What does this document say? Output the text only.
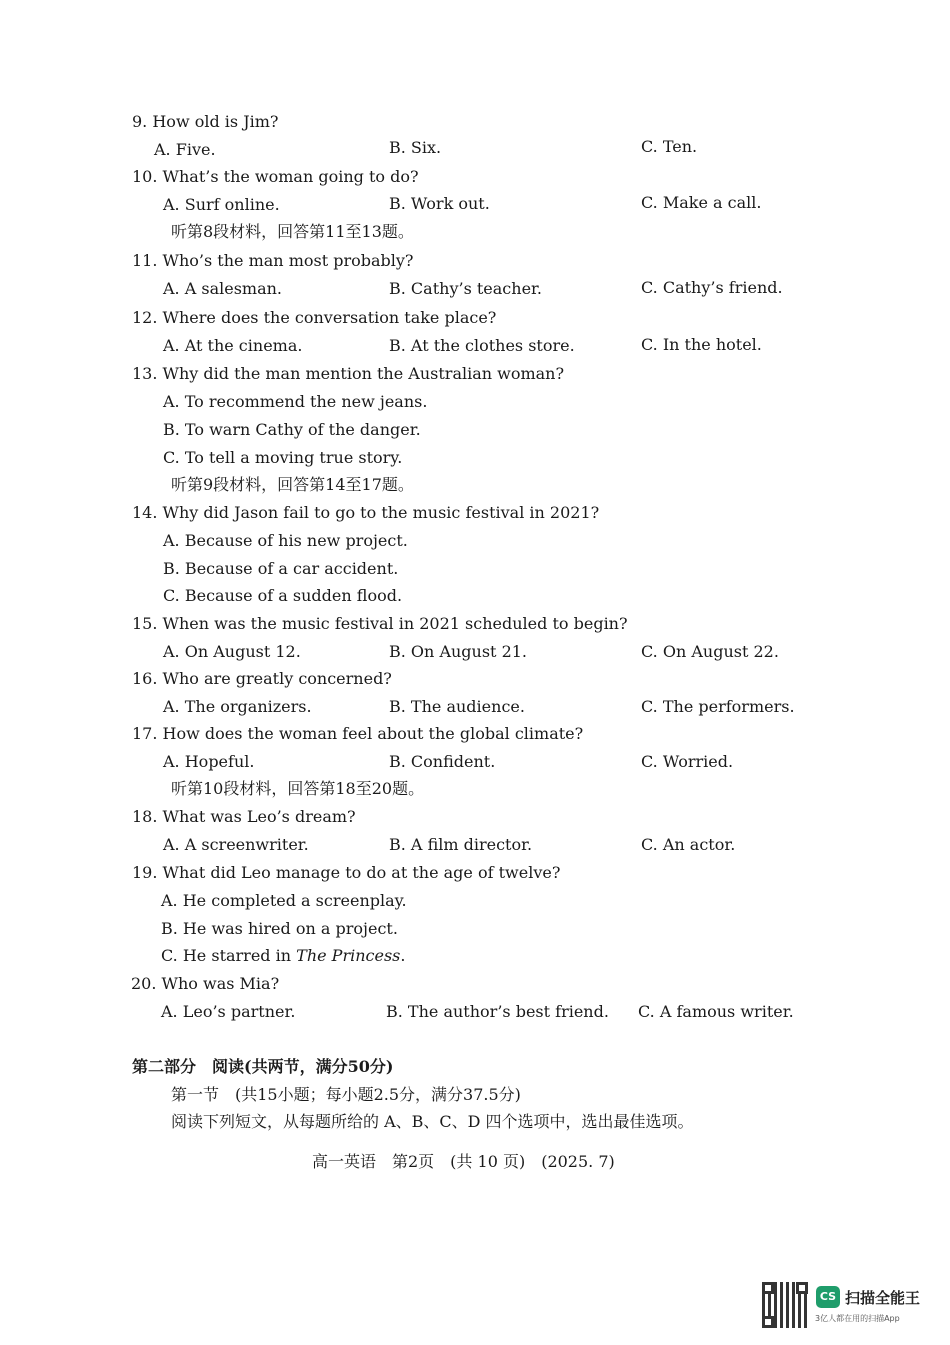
9. How old is Jim?
A. Five.	B. Six.	C. Ten.
10. What’s the woman going to do?
A. Surf online.	B. Work out.	C. Make a call.
听第8段材料，回答第11至13题。
11. Who’s the man most probably?
A. A salesman.	B. Cathy’s teacher.	C. Cathy’s friend.
12. Where does the conversation take place?
A. At the cinema.	B. At the clothes store.	C. In the hotel.
13. Why did the man mention the Australian woman?
A. To recommend the new jeans.
B. To warn Cathy of the danger.
C. To tell a moving true story.
听第9段材料，回答第14至17题。
14. Why did Jason fail to go to the music festival in 2021?
A. Because of his new project.
B. Because of a car accident.
C. Because of a sudden flood.
15. When was the music festival in 2021 scheduled to begin?
A. On August 12.	B. On August 21.	C. On August 22.
16. Who are greatly concerned?
A. The organizers.	B. The audience.	C. The performers.
17. How does the woman feel about the global climate?
A. Hopeful.	B. Confident.	C. Worried.
听第10段材料，回答第18至20题。
18. What was Leo’s dream?
A. A screenwriter.	B. A film director.	C. An actor.
19. What did Leo manage to do at the age of twelve?
A. He completed a screenplay.
B. He was hired on a project.
C. He starred in The Princess.
20. Who was Mia?
A. Leo’s partner.	B. The author’s best friend. C. A famous writer.
第二部分　阅读(共两节，满分50分)
第一节　(共15小题；每小题2.5分，满分37.5分)
阅读下列短文，从每题所给的 A、B、C、D 四个选项中，选出最佳选项。
高一英语　第2页　(共 10 页)　(2025. 7)
CS 扫描全能王
3亿人都在用的扫描App
